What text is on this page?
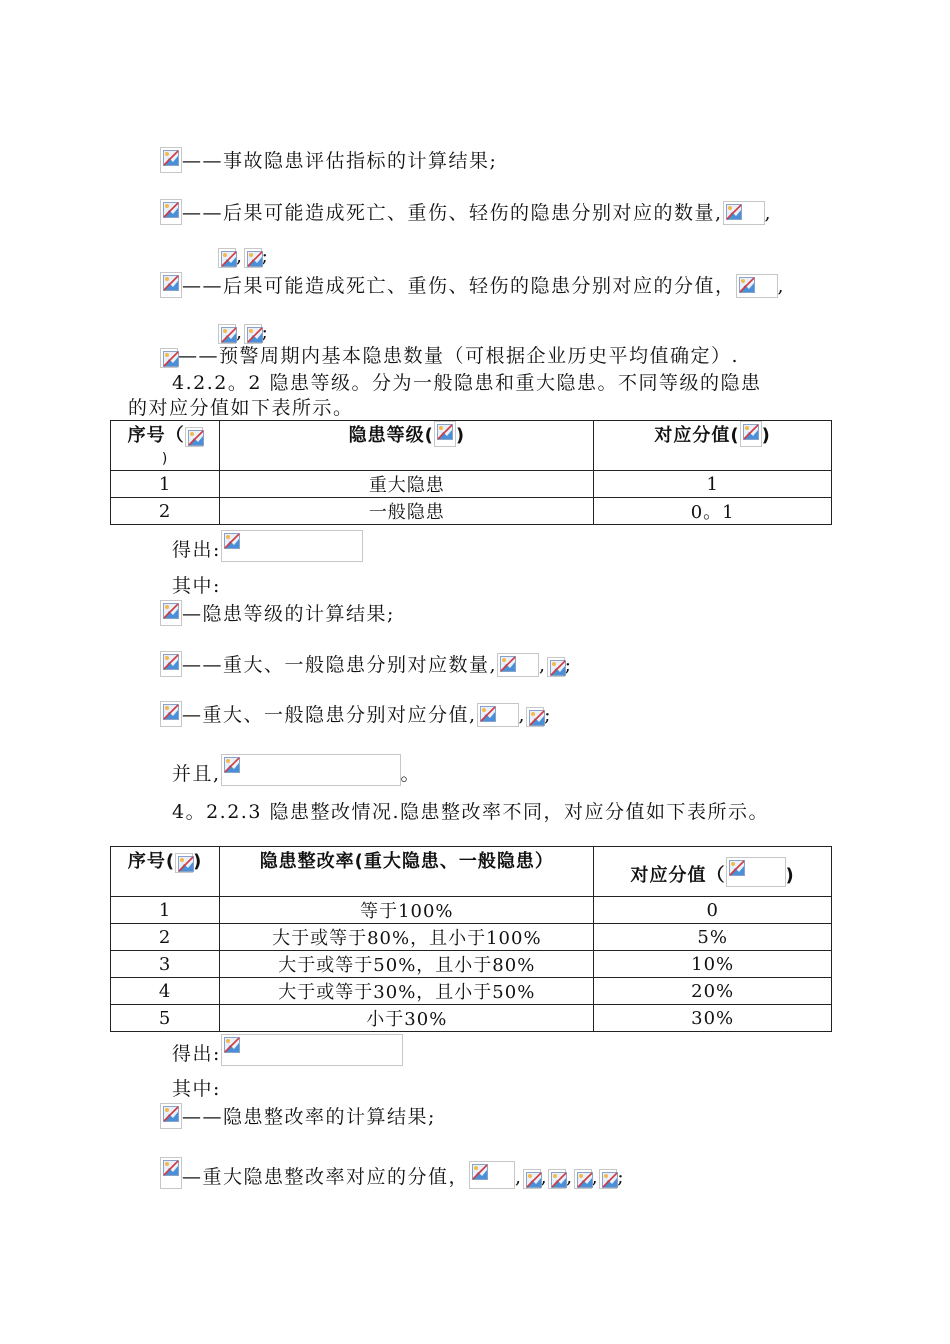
——事故隐患评估指标的计算结果;
——后果可能造成死亡、重伤、轻伤的隐患分别对应的数量, ,
, ;
——后果可能造成死亡、重伤、轻伤的隐患分别对应的分值， ,
, ;
——预警周期内基本隐患数量（可根据企业历史平均值确定）.
4.2.2。2 隐患等级。分为一般隐患和重大隐患。不同等级的隐患
的对应分值如下表所示。
序号（

)	隐患等级( )	对应分值( )
1	重大隐患	1
2	一般隐患	0。1
得出:
其中:
—隐患等级的计算结果;
——重大、一般隐患分别对应数量, , ;
—重大、一般隐患分别对应分值, , ;
并且,	。
4。2.2.3 隐患整改情况.隐患整改率不同，对应分值如下表所示。
序号( )	隐患整改率(重大隐患、一般隐患）	对应分值（ )
1	等于100%	0
2	大于或等于80%，且小于100%	5%
3	大于或等于50%，且小于80%	10%
4	大于或等于30%，且小于50%	20%
5	小于30%	30%
得出:
其中:
——隐患整改率的计算结果;
—重大隐患整改率对应的分值， , , , , ;
